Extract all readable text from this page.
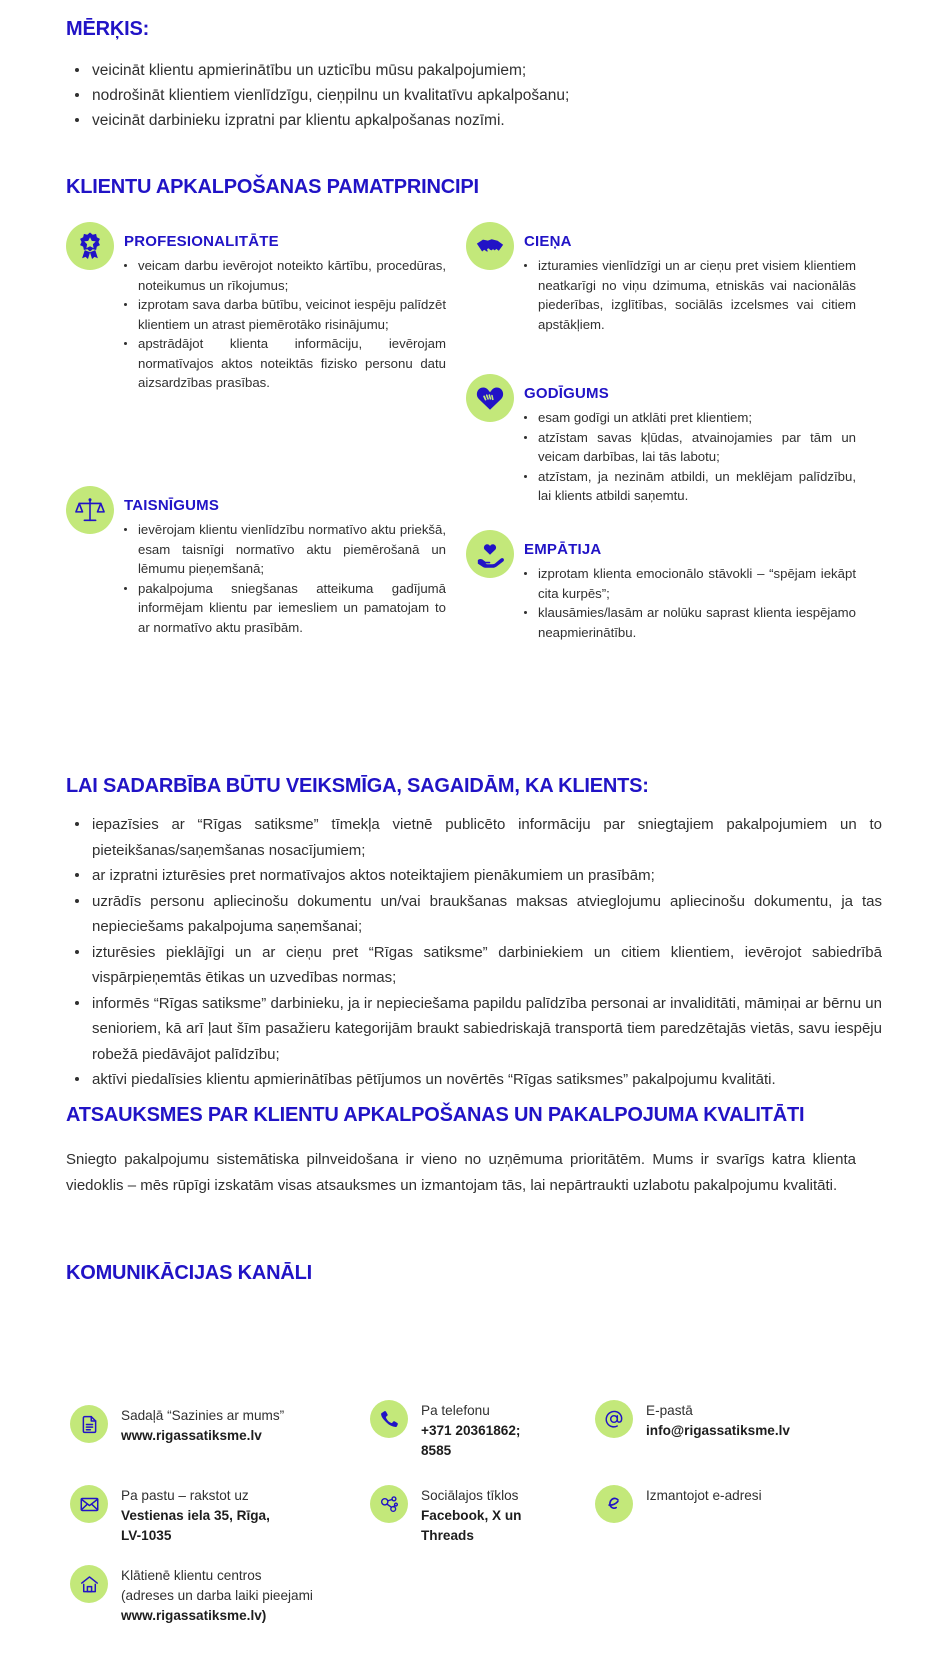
MĒRĶIS:
veicināt klientu apmierinātību un uzticību mūsu pakalpojumiem;
nodrošināt klientiem vienlīdzīgu, cieņpilnu un kvalitatīvu apkalpošanu;
veicināt darbinieku izpratni par klientu apkalpošanas nozīmi.
KLIENTU APKALPOŠANAS PAMATPRINCIPI
PROFESIONALITĀTE
veicam darbu ievērojot noteikto kārtību, procedūras, noteikumus un rīkojumus;
izprotam sava darba būtību, veicinot iespēju palīdzēt klientiem un atrast piemērotāko risinājumu;
apstrādājot klienta informāciju, ievērojam normatīvajos aktos noteiktās fizisko personu datu aizsardzības prasības.
TAISNĪGUMS
ievērojam klientu vienlīdzību normatīvo aktu priekšā, esam taisnīgi normatīvo aktu piemērošanā un lēmumu pieņemšanā;
pakalpojuma sniegšanas atteikuma gadījumā informējam klientu par iemesliem un pamatojam to ar normatīvo aktu prasībām.
CIEŅA
izturamies vienlīdzīgi un ar cieņu pret visiem klientiem neatkarīgi no viņu dzimuma, etniskās vai nacionālās piederības, izglītības, sociālās izcelsmes vai citiem apstākļiem.
GODĪGUMS
esam godīgi un atklāti pret klientiem;
atzīstam savas kļūdas, atvainojamies par tām un veicam darbības, lai tās labotu;
atzīstam, ja nezinām atbildi, un meklējam palīdzību, lai klients atbildi saņemtu.
EMPĀTIJA
izprotam klienta emocionālo stāvokli – “spējam iekāpt cita kurpēs”;
klausāmies/lasām ar nolūku saprast klienta iespējamo neapmierinātību.
LAI SADARBĪBA BŪTU VEIKSMĪGA, SAGAIDĀM, KA KLIENTS:
iepazīsies ar “Rīgas satiksme” tīmekļa vietnē publicēto informāciju par sniegtajiem pakalpojumiem un to pieteikšanas/saņemšanas nosacījumiem;
ar izpratni izturēsies pret normatīvajos aktos noteiktajiem pienākumiem un prasībām;
uzrādīs personu apliecinošu dokumentu un/vai braukšanas maksas atvieglojumu apliecinošu dokumentu, ja tas nepieciešams pakalpojuma saņemšanai;
izturēsies pieklājīgi un ar cieņu pret “Rīgas satiksme” darbiniekiem un citiem klientiem, ievērojot sabiedrībā vispārpieņemtās ētikas un uzvedības normas;
informēs “Rīgas satiksme” darbinieku, ja ir nepieciešama papildu palīdzība personai ar invaliditāti, māmiņai ar bērnu un senioriem, kā arī ļaut šīm pasažieru kategorijām braukt sabiedriskajā transportā tiem paredzētajās vietās, savu iespēju robežā piedāvājot palīdzību;
aktīvi piedalīsies klientu apmierinātības pētījumos un novērtēs “Rīgas satiksmes” pakalpojumu kvalitāti.
ATSAUKSMES PAR KLIENTU APKALPOŠANAS UN PAKALPOJUMA KVALITĀTI

Sniegto pakalpojumu sistemātiska pilnveidošana ir vieno no uzņēmuma prioritātēm. Mums ir svarīgs katra klienta viedoklis – mēs rūpīgi izskatām visas atsauksmes un izmantojam tās, lai nepārtraukti uzlabotu pakalpojumu kvalitāti.

KOMUNIKĀCIJAS KANĀLI
Sadaļā “Sazinies ar mums”
www.rigassatiksme.lv
Pa telefonu
+371 20361862;
8585
E-pastā
info@rigassatiksme.lv
Pa pastu – rakstot uz
Vestienas iela 35, Rīga,
LV-1035
Sociālajos tīklos
Facebook, X un
Threads
Izmantojot e-adresi
Klātienē klientu centros
(adreses un darba laiki pieejami
www.rigassatiksme.lv)
